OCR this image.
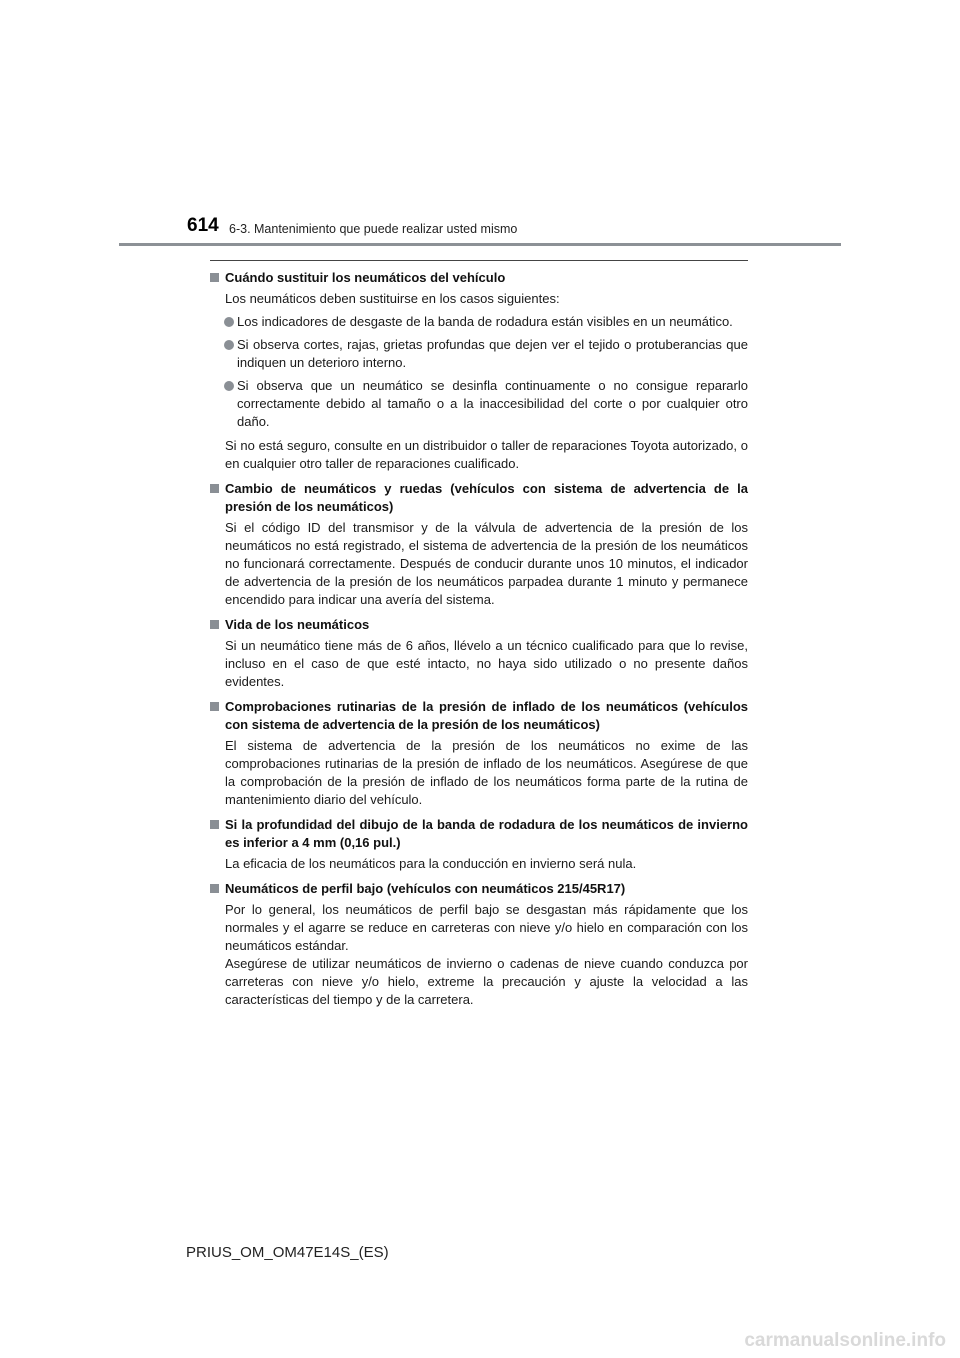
614 6-3. Mantenimiento que puede realizar usted mismo
Cuándo sustituir los neumáticos del vehículo
Los neumáticos deben sustituirse en los casos siguientes:
Los indicadores de desgaste de la banda de rodadura están visibles en un neumático.
Si observa cortes, rajas, grietas profundas que dejen ver el tejido o protuberancias que indiquen un deterioro interno.
Si observa que un neumático se desinfla continuamente o no consigue repararlo correctamente debido al tamaño o a la inaccesibilidad del corte o por cualquier otro daño.
Si no está seguro, consulte en un distribuidor o taller de reparaciones Toyota autorizado, o en cualquier otro taller de reparaciones cualificado.
Cambio de neumáticos y ruedas (vehículos con sistema de advertencia de la presión de los neumáticos)
Si el código ID del transmisor y de la válvula de advertencia de la presión de los neumáticos no está registrado, el sistema de advertencia de la presión de los neumáticos no funcionará correctamente. Después de conducir durante unos 10 minutos, el indicador de advertencia de la presión de los neumáticos parpadea durante 1 minuto y permanece encendido para indicar una avería del sistema.
Vida de los neumáticos
Si un neumático tiene más de 6 años, llévelo a un técnico cualificado para que lo revise, incluso en el caso de que esté intacto, no haya sido utilizado o no presente daños evidentes.
Comprobaciones rutinarias de la presión de inflado de los neumáticos (vehículos con sistema de advertencia de la presión de los neumáticos)
El sistema de advertencia de la presión de los neumáticos no exime de las comprobaciones rutinarias de la presión de inflado de los neumáticos. Asegúrese de que la comprobación de la presión de inflado de los neumáticos forma parte de la rutina de mantenimiento diario del vehículo.
Si la profundidad del dibujo de la banda de rodadura de los neumáticos de invierno es inferior a 4 mm (0,16 pul.)
La eficacia de los neumáticos para la conducción en invierno será nula.
Neumáticos de perfil bajo (vehículos con neumáticos 215/45R17)
Por lo general, los neumáticos de perfil bajo se desgastan más rápidamente que los normales y el agarre se reduce en carreteras con nieve y/o hielo en comparación con los neumáticos estándar.
Asegúrese de utilizar neumáticos de invierno o cadenas de nieve cuando conduzca por carreteras con nieve y/o hielo, extreme la precaución y ajuste la velocidad a las características del tiempo y de la carretera.
PRIUS_OM_OM47E14S_(ES)
carmanualsonline.info
